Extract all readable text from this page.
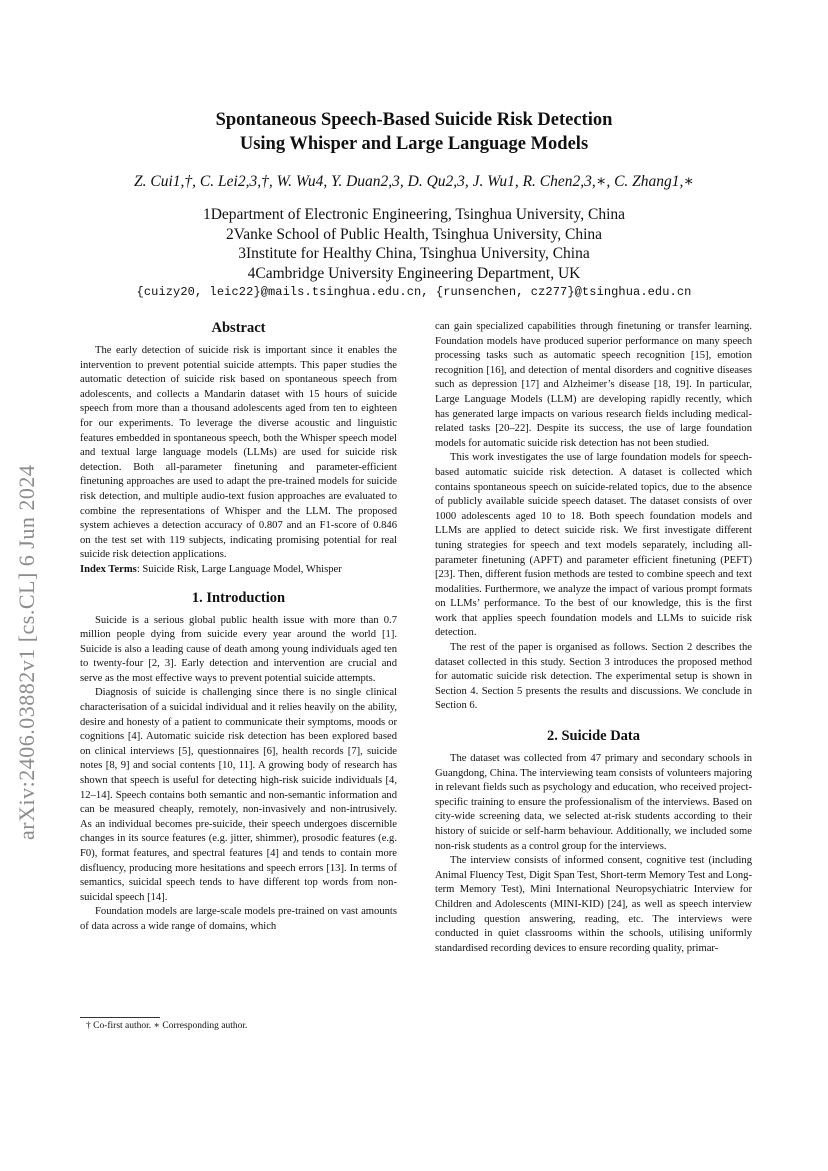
arXiv:2406.03882v1 [cs.CL] 6 Jun 2024
Spontaneous Speech-Based Suicide Risk Detection
Using Whisper and Large Language Models
Z. Cui1,†, C. Lei2,3,†, W. Wu4, Y. Duan2,3, D. Qu2,3, J. Wu1, R. Chen2,3,∗, C. Zhang1,∗
1Department of Electronic Engineering, Tsinghua University, China
2Vanke School of Public Health, Tsinghua University, China
3Institute for Healthy China, Tsinghua University, China
4Cambridge University Engineering Department, UK
{cuizy20, leic22}@mails.tsinghua.edu.cn, {runsenchen, cz277}@tsinghua.edu.cn
Abstract

The early detection of suicide risk is important since it enables the intervention to prevent potential suicide attempts. This paper studies the automatic detection of suicide risk based on spontaneous speech from adolescents, and collects a Mandarin dataset with 15 hours of suicide speech from more than a thousand adolescents aged from ten to eighteen for our experiments. To leverage the diverse acoustic and linguistic features embedded in spontaneous speech, both the Whisper speech model and textual large language models (LLMs) are used for suicide risk detection. Both all-parameter finetuning and parameter-efficient finetuning approaches are used to adapt the pre-trained models for suicide risk detection, and multiple audio-text fusion approaches are evaluated to combine the representations of Whisper and the LLM. The proposed system achieves a detection accuracy of 0.807 and an F1-score of 0.846 on the test set with 119 subjects, indicating promising potential for real suicide risk detection applications.

Index Terms: Suicide Risk, Large Language Model, Whisper

1. Introduction

Suicide is a serious global public health issue with more than 0.7 million people dying from suicide every year around the world [1]. Suicide is also a leading cause of death among young individuals aged ten to twenty-four [2, 3]. Early detection and intervention are crucial and serve as the most effective ways to prevent potential suicide attempts.

Diagnosis of suicide is challenging since there is no single clinical characterisation of a suicidal individual and it relies heavily on the ability, desire and honesty of a patient to communicate their symptoms, moods or cognitions [4]. Automatic suicide risk detection has been explored based on clinical interviews [5], questionnaires [6], health records [7], suicide notes [8, 9] and social contents [10, 11]. A growing body of research has shown that speech is useful for detecting high-risk suicide individuals [4, 12–14]. Speech contains both semantic and non-semantic information and can be measured cheaply, remotely, non-invasively and non-intrusively. As an individual becomes pre-suicide, their speech undergoes discernible changes in its source features (e.g. jitter, shimmer), prosodic features (e.g. F0), format features, and spectral features [4] and tends to contain more disfluency, producing more hesitations and speech errors [13]. In terms of semantics, suicidal speech tends to have different top words from non-suicidal speech [14].

Foundation models are large-scale models pre-trained on vast amounts of data across a wide range of domains, which

† Co-first author. ∗ Corresponding author.

can gain specialized capabilities through finetuning or transfer learning. Foundation models have produced superior performance on many speech processing tasks such as automatic speech recognition [15], emotion recognition [16], and detection of mental disorders and cognitive diseases such as depression [17] and Alzheimer’s disease [18, 19]. In particular, Large Language Models (LLM) are developing rapidly recently, which has generated large impacts on various research fields including medical-related tasks [20–22]. Despite its success, the use of large foundation models for automatic suicide risk detection has not been studied.

This work investigates the use of large foundation models for speech-based automatic suicide risk detection. A dataset is collected which contains spontaneous speech on suicide-related topics, due to the absence of publicly available suicide speech dataset. The dataset consists of over 1000 adolescents aged 10 to 18. Both speech foundation models and LLMs are applied to detect suicide risk. We first investigate different tuning strategies for speech and text models separately, including all-parameter finetuning (APFT) and parameter efficient finetuning (PEFT) [23]. Then, different fusion methods are tested to combine speech and text modalities. Furthermore, we analyze the impact of various prompt formats on LLMs’ performance. To the best of our knowledge, this is the first work that applies speech foundation models and LLMs to suicide risk detection.

The rest of the paper is organised as follows. Section 2 describes the dataset collected in this study. Section 3 introduces the proposed method for automatic suicide risk detection. The experimental setup is shown in Section 4. Section 5 presents the results and discussions. We conclude in Section 6.

2. Suicide Data

The dataset was collected from 47 primary and secondary schools in Guangdong, China. The interviewing team consists of volunteers majoring in relevant fields such as psychology and education, who received project-specific training to ensure the professionalism of the interviews. Based on city-wide screening data, we selected at-risk students according to their history of suicide or self-harm behaviour. Additionally, we included some non-risk students as a control group for the interviews.

The interview consists of informed consent, cognitive test (including Animal Fluency Test, Digit Span Test, Short-term Memory Test and Long-term Memory Test), Mini International Neuropsychiatric Interview for Children and Adolescents (MINI-KID) [24], as well as speech interview including question answering, reading, etc. The interviews were conducted in quiet classrooms within the schools, utilising uniformly standardised recording devices to ensure recording quality, primar-
